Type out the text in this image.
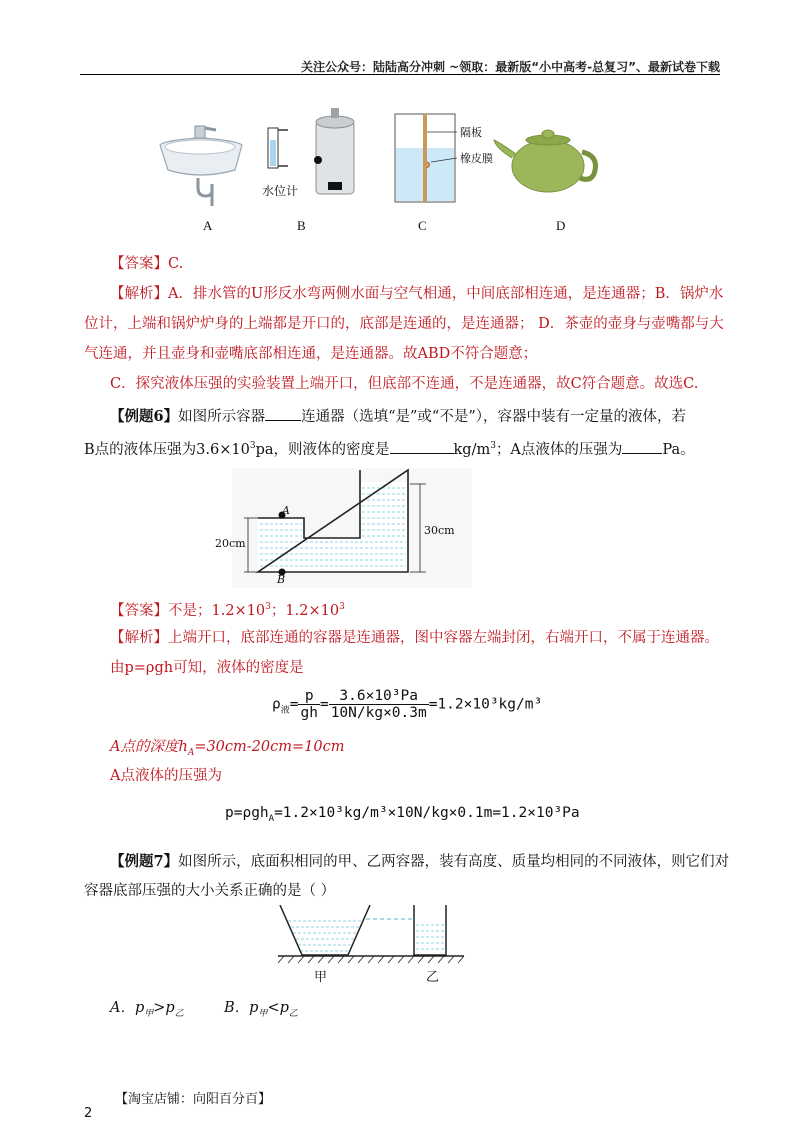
关注公众号：陆陆高分冲刺 ~领取：最新版“小中高考-总复习”、最新试卷下载
水位计
隔板
橡皮膜
A	B	C	D
【答案】C.
【解析】A．排水管的U形反水弯两侧水面与空气相通，中间底部相连通，是连通器；B．锅炉水
位计，上端和锅炉炉身的上端都是开口的，底部是连通的，是连通器； D．茶壶的壶身与壶嘴都与大
气连通，并且壶身和壶嘴底部相连通，是连通器。故ABD不符合题意；
C．探究液体压强的实验装置上端开口，但底部不连通，不是连通器，故C符合题意。故选C.
【例题6】如图所示容器 连通器（选填“是”或“不是”），容器中装有一定量的液体，若
B点的液体压强为$3.6\times 10^3pa$，则液体的密度是	$kg/m^3$；A点液体的压强为	Pa。
A
B
20cm
30cm
【答案】不是；$1.2\times 10^3$；$1.2\times 10^3$
【解析】上端开口，底部连通的容器是连通器，图中容器左端封闭，右端开口，不属于连通器。
由p=ρgh可知，液体的密度是
$\rho_液= \frac{p}{gh} = \frac{\text{3.6×10³Pa}}{10N/kg\times 0.3m} =1.2\times 10^3kg/m^3$
A点的深度$h_A=30cm-20cm=10cm$
A点液体的压强为
p=ρgh$_A$=1.2×10³kg/m³×10N/kg×0.1m=1.2×10³Pa
【例题7】如图所示，底面积相同的甲、乙两容器，装有高度、质量均相同的不同液体，则它们对
容器底部压强的大小关系正确的是（ ）
甲	乙
A．$p_甲>p_乙$	B．$p_甲<p_乙$
【淘宝店铺：向阳百分百】
2
